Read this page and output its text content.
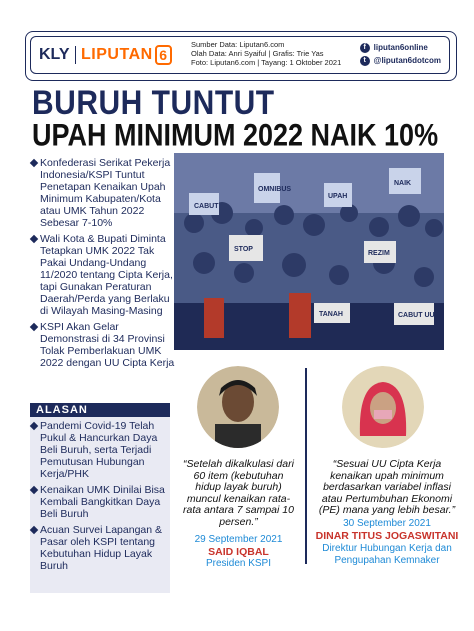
KLY LIPUTAN 6
Sumber Data: Liputan6.com
Olah Data: Anri Syaiful | Grafis: Trie Yas
Foto: Liputan6.com | Tayang: 1 Oktober 2021
f liputan6online
t @liputan6dotcom
BURUH TUNTUT
UPAH MINIMUM 2022 NAIK 10%
Konfederasi Serikat Pekerja Indonesia/KSPI Tuntut Penetapan Kenaikan Upah Minimum Kabupaten/Kota atau UMK Tahun 2022 Sebesar 7-10%
Wali Kota & Bupati Diminta Tetapkan UMK 2022 Tak Pakai Undang-Undang 11/2020 tentang Cipta Kerja, tapi Gunakan Peraturan Daerah/Perda yang Berlaku di Wilayah Masing-Masing
KSPI Akan Gelar Demonstrasi di 34 Provinsi Tolak Pemberlakuan UMK 2022 dengan UU Cipta Kerja
ALASAN
Pandemi Covid-19 Telah Pukul & Hancurkan Daya Beli Buruh, serta Terjadi Pemutusan Hubungan Kerja/PHK
Kenaikan UMK Dinilai Bisa Kembali Bangkitkan Daya Beli Buruh
Acuan Survei Lapangan & Pasar oleh KSPI tentang Kebutuhan Hidup Layak Buruh
CABUT
OMNIBUS
UPAH
NAIK
STOP
REZIM
TANAH	CABUT UU
“Setelah dikalkulasi dari 60 item (kebutuhan hidup layak buruh) muncul kenaikan rata-rata antara 7 sampai 10 persen.”
29 September 2021
SAID IQBAL
Presiden KSPI
“Sesuai UU Cipta Kerja kenaikan upah minimum berdasarkan variabel inflasi atau Pertumbuhan Ekonomi (PE) mana yang lebih besar.”
30 September 2021
DINAR TITUS JOGASWITANI
Direktur Hubungan Kerja dan Pengupahan Kemnaker
